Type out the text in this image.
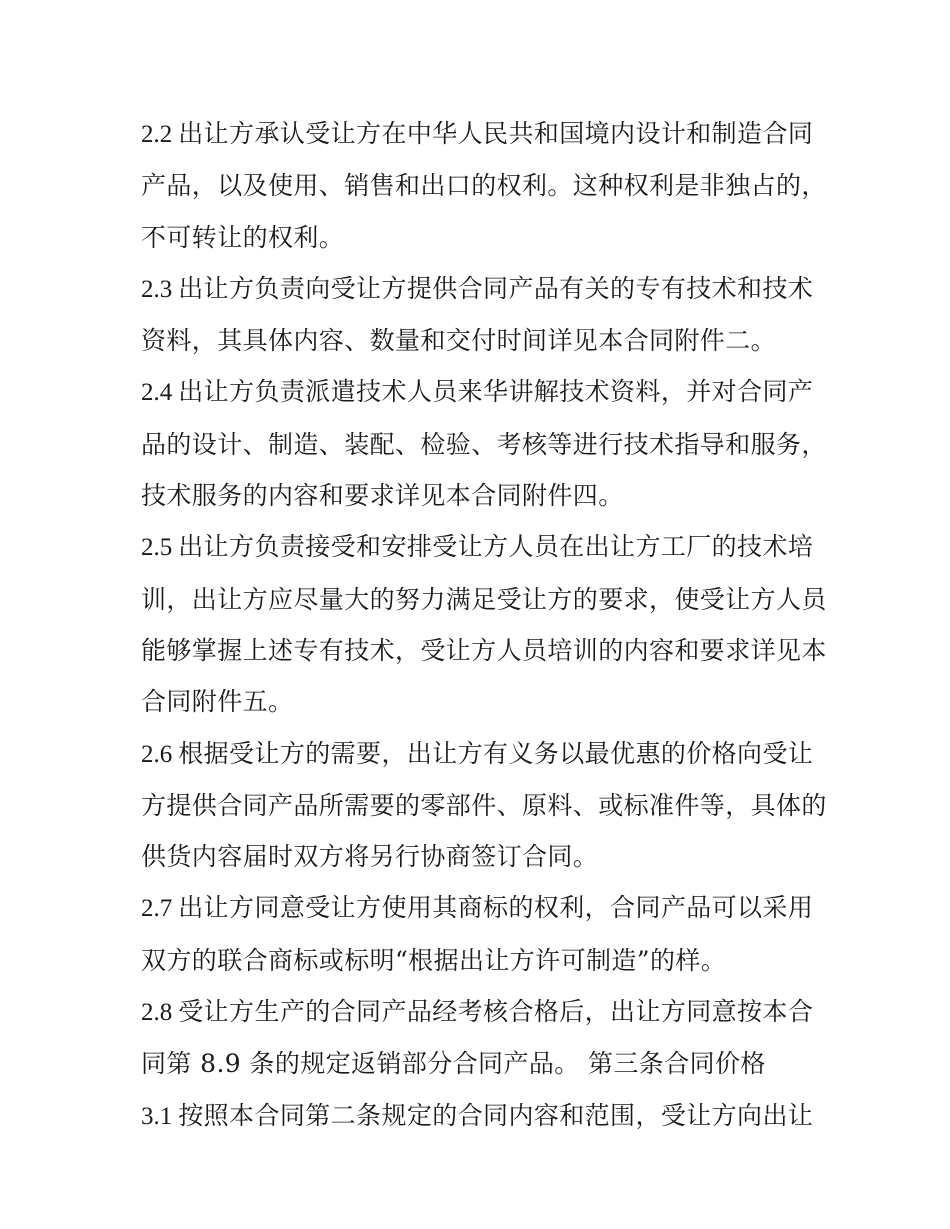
2.2 出让方承认受让方在中华人民共和国境内设计和制造合同产品，以及使用、销售和出口的权利。这种权利是非独占的，不可转让的权利。

2.3 出让方负责向受让方提供合同产品有关的专有技术和技术资料，其具体内容、数量和交付时间详见本合同附件二。

2.4 出让方负责派遣技术人员来华讲解技术资料，并对合同产品的设计、制造、装配、检验、考核等进行技术指导和服务，技术服务的内容和要求详见本合同附件四。

2.5 出让方负责接受和安排受让方人员在出让方工厂的技术培训，出让方应尽量大的努力满足受让方的要求，使受让方人员能够掌握上述专有技术，受让方人员培训的内容和要求详见本合同附件五。

2.6 根据受让方的需要，出让方有义务以最优惠的价格向受让方提供合同产品所需要的零部件、原料、或标准件等，具体的供货内容届时双方将另行协商签订合同。

2.7 出让方同意受让方使用其商标的权利，合同产品可以采用双方的联合商标或标明“根据出让方许可制造”的样。

2.8 受让方生产的合同产品经考核合格后，出让方同意按本合同第 8.9 条的规定返销部分合同产品。 第三条合同价格

3.1 按照本合同第二条规定的合同内容和范围，受让方向出让
